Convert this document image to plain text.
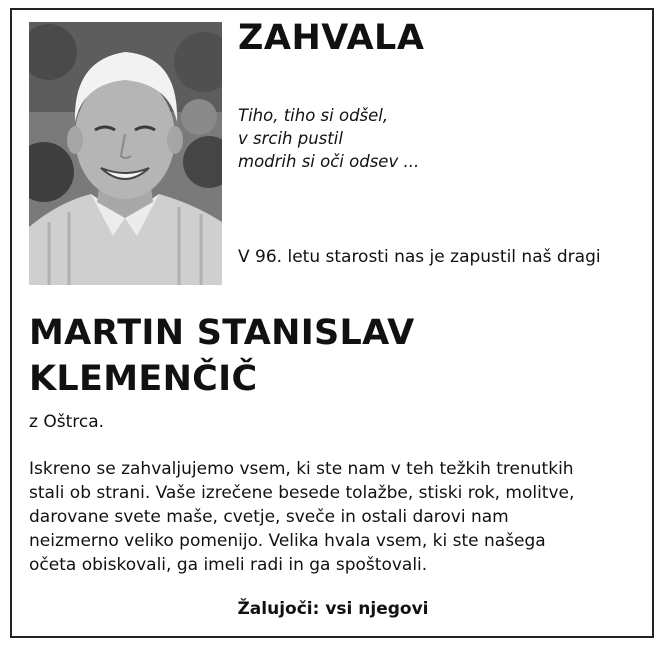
ZAHVALA
Tiho, tiho si odšel,
v srcih pustil
modrih si oči odsev ...
V 96. letu starosti nas je zapustil naš dragi
MARTIN STANISLAV
KLEMENČIČ
z Oštrca.
Iskreno se zahvaljujemo vsem, ki ste nam v teh težkih trenutkih
stali ob strani. Vaše izrečene besede tolažbe, stiski rok, molitve,
darovane svete maše, cvetje, sveče in ostali darovi nam
neizmerno veliko pomenijo. Velika hvala vsem, ki ste našega
očeta obiskovali, ga imeli radi in ga spoštovali.
Žalujoči: vsi njegovi
